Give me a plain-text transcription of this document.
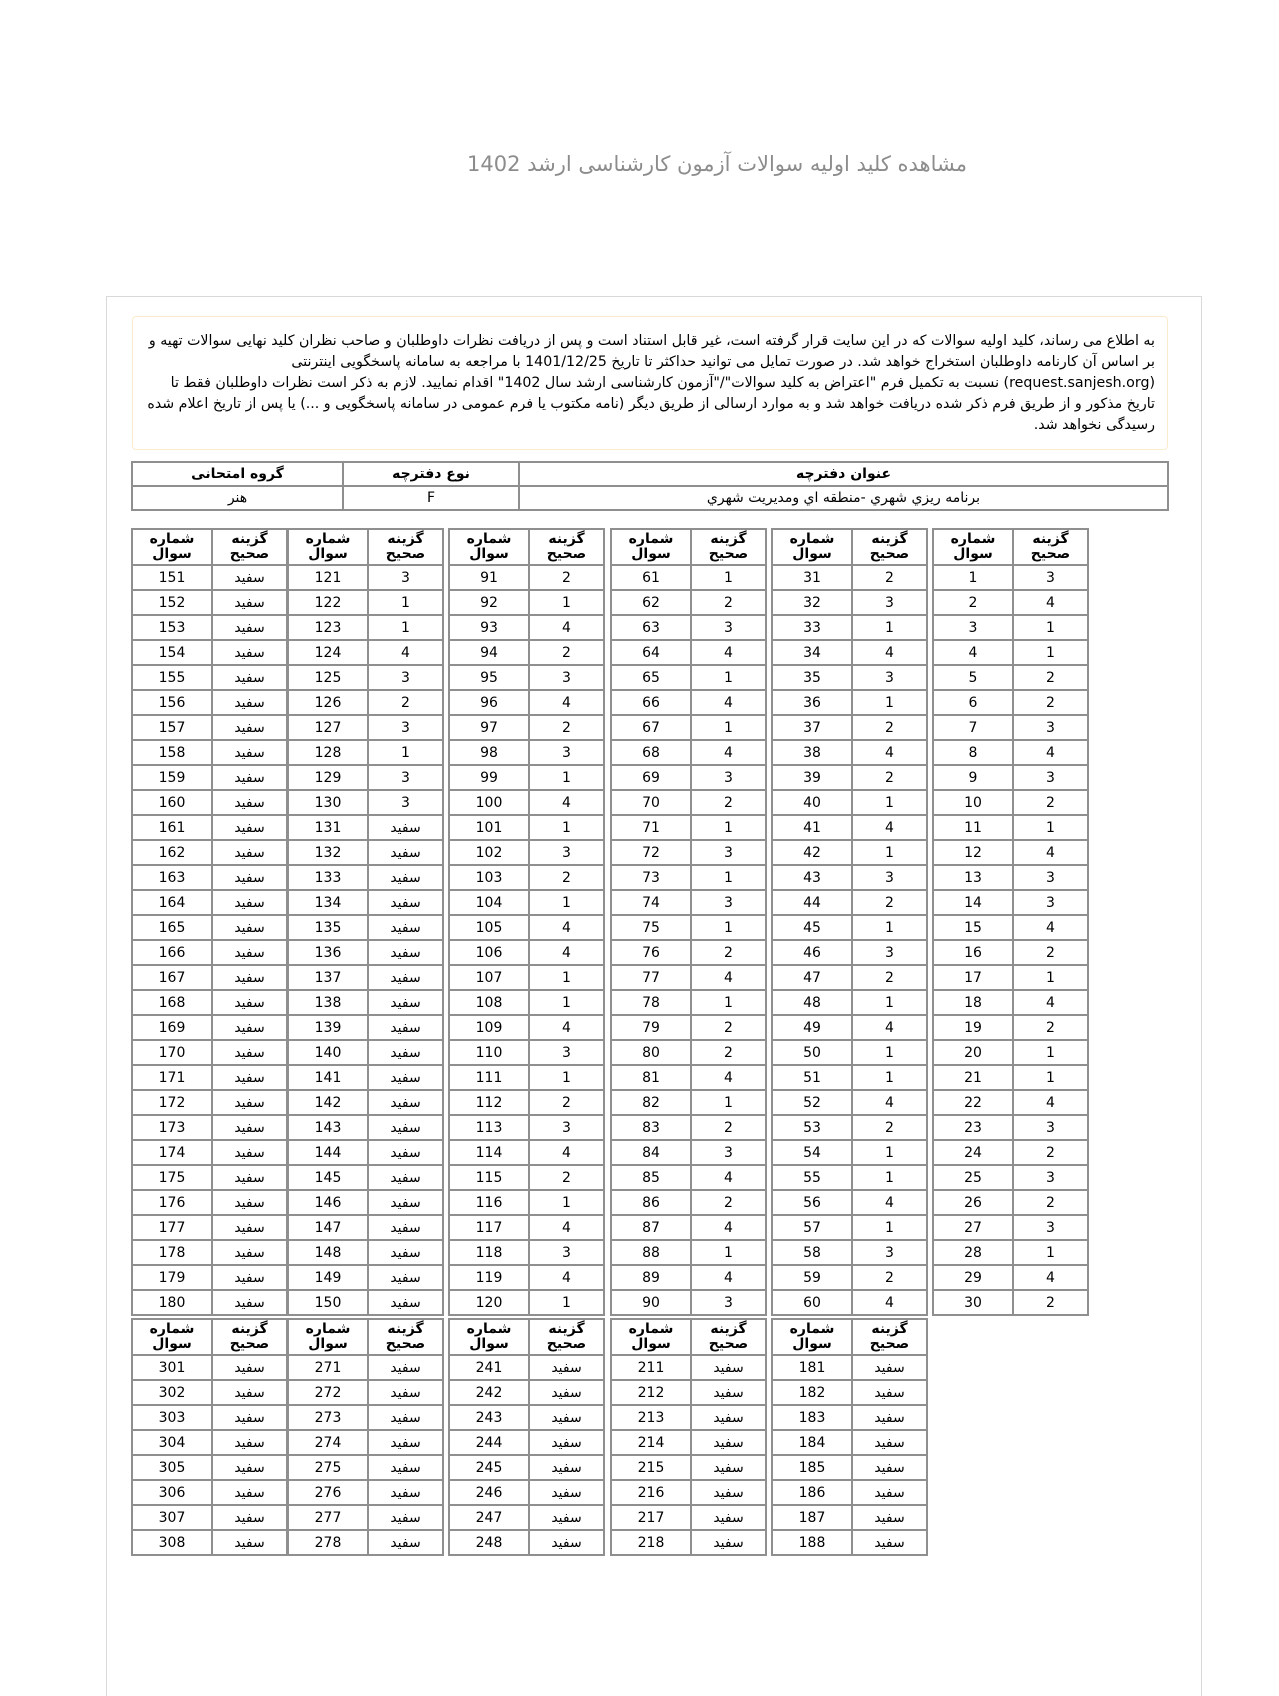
مشاهده کلید اولیه سوالات آزمون کارشناسی ارشد 1402
به اطلاع می رساند، کلید اولیه سوالات که در این سایت قرار گرفته است، غیر قابل استناد است و پس از دریافت نظرات داوطلبان و صاحب نظران کلید نهایی سوالات تهیه و بر اساس آن کارنامه داوطلبان استخراج خواهد شد. در صورت تمایل می توانید حداکثر تا تاریخ 1401/12/25 با مراجعه به سامانه پاسخگویی اینترنتی (request.sanjesh.org) نسبت به تکمیل فرم "اعتراض به کلید سوالات"/"آزمون کارشناسی ارشد سال 1402" اقدام نمایید. لازم به ذکر است نظرات داوطلبان فقط تا تاریخ مذکور و از طریق فرم ذکر شده دریافت خواهد شد و به موارد ارسالی از طریق دیگر (نامه مکتوب یا فرم عمومی در سامانه پاسخگویی و ...) یا پس از تاریخ اعلام شده رسیدگی نخواهد شد.
عنوان دفترچه	نوع دفترچه	گروه امتحانی
برنامه ريزي شهري -منطقه اي ومديريت شهري	F	هنر
گزینه صحیح	شماره سوال
3	1
4	2
1	3
1	4
2	5
2	6
3	7
4	8
3	9
2	10
1	11
4	12
3	13
3	14
4	15
2	16
1	17
4	18
2	19
1	20
1	21
4	22
3	23
2	24
3	25
2	26
3	27
1	28
4	29
2	30
گزینه صحیح	شماره سوال
2	31
3	32
1	33
4	34
3	35
1	36
2	37
4	38
2	39
1	40
4	41
1	42
3	43
2	44
1	45
3	46
2	47
1	48
4	49
1	50
1	51
4	52
2	53
1	54
1	55
4	56
1	57
3	58
2	59
4	60
گزینه صحیح	شماره سوال
1	61
2	62
3	63
4	64
1	65
4	66
1	67
4	68
3	69
2	70
1	71
3	72
1	73
3	74
1	75
2	76
4	77
1	78
2	79
2	80
4	81
1	82
2	83
3	84
4	85
2	86
4	87
1	88
4	89
3	90
گزینه صحیح	شماره سوال
2	91
1	92
4	93
2	94
3	95
4	96
2	97
3	98
1	99
4	100
1	101
3	102
2	103
1	104
4	105
4	106
1	107
1	108
4	109
3	110
1	111
2	112
3	113
4	114
2	115
1	116
4	117
3	118
4	119
1	120
گزینه صحیح	شماره سوال
3	121
1	122
1	123
4	124
3	125
2	126
3	127
1	128
3	129
3	130
سفید	131
سفید	132
سفید	133
سفید	134
سفید	135
سفید	136
سفید	137
سفید	138
سفید	139
سفید	140
سفید	141
سفید	142
سفید	143
سفید	144
سفید	145
سفید	146
سفید	147
سفید	148
سفید	149
سفید	150
گزینه صحیح	شماره سوال
سفید	151
سفید	152
سفید	153
سفید	154
سفید	155
سفید	156
سفید	157
سفید	158
سفید	159
سفید	160
سفید	161
سفید	162
سفید	163
سفید	164
سفید	165
سفید	166
سفید	167
سفید	168
سفید	169
سفید	170
سفید	171
سفید	172
سفید	173
سفید	174
سفید	175
سفید	176
سفید	177
سفید	178
سفید	179
سفید	180
گزینه صحیح	شماره سوال
سفید	181
سفید	182
سفید	183
سفید	184
سفید	185
سفید	186
سفید	187
سفید	188
گزینه صحیح	شماره سوال
سفید	211
سفید	212
سفید	213
سفید	214
سفید	215
سفید	216
سفید	217
سفید	218
گزینه صحیح	شماره سوال
سفید	241
سفید	242
سفید	243
سفید	244
سفید	245
سفید	246
سفید	247
سفید	248
گزینه صحیح	شماره سوال
سفید	271
سفید	272
سفید	273
سفید	274
سفید	275
سفید	276
سفید	277
سفید	278
گزینه صحیح	شماره سوال
سفید	301
سفید	302
سفید	303
سفید	304
سفید	305
سفید	306
سفید	307
سفید	308
